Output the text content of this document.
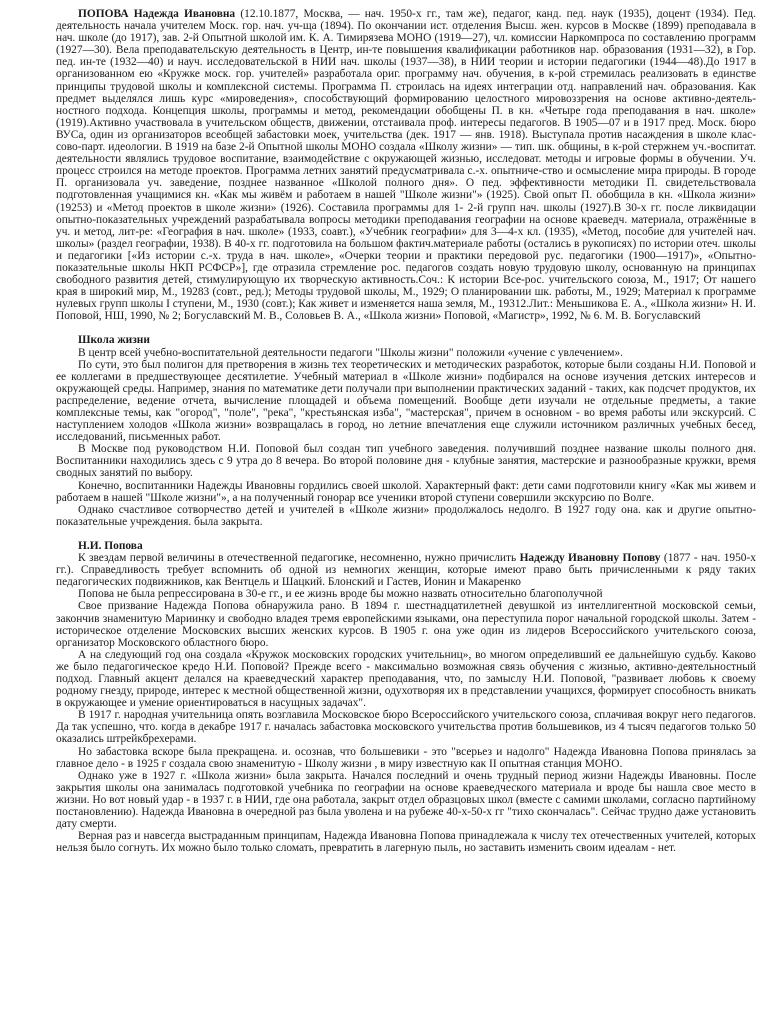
ПОПОВА Надежда Ивановна (12.10.1877, Москва, — нач. 1950-х гг., там же), педагог, канд. пед. наук (1935), доцент (1934). Пед. деятельность начала учителем Моск. гор. нач. уч-ща (1894). По окончании ист. отделения Высш. жен. курсов в Москве (1899) преподавала в нач. школе (до 1917), зав. 2-й Опытной школой им. К. А. Тимирязева МОНО (1919—27), чл. комиссии Наркомпроса по составлению программ (1927—30). Вела преподавательскую деятельность в Центр, ин-те повышения квалификации работников нар. образования (1931—32), в Гор. пед. ин-те (1932—40) и науч. исследовательской в НИИ нач. школы (1937—38), в НИИ теории и истории педагогики (1944—48).До 1917 в организованном ею «Кружке моск. гор. учителей» разработала ориг. программу нач. обучения, в к-рой стремилась реализовать в единстве принципы трудовой школы и комплексной системы. Программа П. строилась на идеях интеграции отд. направлений нач. образования. Как предмет выделялся лишь курс «мироведения», способствующий формированию целостного мировоззрения на основе активно-деятель-ностного подхода. Концепция школы, программы и метод, рекомендации обобщены П. в кн. «Четыре года преподавания в нач. школе» (1919).Активно участвовала в учительском обществ, движении, отстаивала проф. интересы педагогов. В 1905—07 и в 1917 пред. Моск. бюро ВУСа, один из организаторов всеобщей забастовки моек, учительства (дек. 1917 — янв. 1918). Выступала против насаждения в школе клас-сово-парт. идеологии. В 1919 на базе 2-й Опытной школы МОНО создала «Школу жизни» — тип. шк. общины, в к-рой стержнем уч.-воспитат. деятельности являлись трудовое воспитание, взаимодействие с окружающей жизнью, исследоват. методы и игровые формы в обучении. Уч. процесс строился на методе проектов. Программа летних занятий предусматривала с.-х. опытниче-ство и осмысление мира природы. В городе П. организовала уч. заведение, позднее названное «Школой полного дня». О пед. эффективности методики П. свидетельствовала подготовленная учащимися кн. «Как мы живём и работаем в нашей "Школе жизни"» (1925). Свой опыт П. обобщила в кн. «Школа жизни» (19253) и «Метод проектов в школе жизни» (1926). Составила программы для 1- 2-й групп нач. школы (1927).В 30-х гг. после ликвидации опытно-показательных учреждений разрабатывала вопросы методики преподавания географии на основе краеведч. материала, отражённые в уч. и метод, лит-ре: «География в нач. школе» (1933, соавт.), «Учебник географии» для 3—4-х кл. (1935), «Метод, пособие для учителей нач. школы» (раздел географии, 1938). В 40-х гг. подготовила на большом фактич.материале работы (остались в рукописях) по истории отеч. школы и педагогики [«Из истории с.-х. труда в нач. школе», «Очерки теории и практики передовой рус. педагогики (1900—1917)», «Опытно-показательные школы НКП РСФСР»], где отразила стремление рос. педагогов создать новую трудовую школу, основанную на принципах свободного развития детей, стимулирующую их творческую активность.Соч.: К истории Все-рос. учительского союза, М., 1917; От нашего края в широкий мир, М., 19283 (совт., ред.); Методы трудовой школы, М., 1929; О планировании шк. работы, М., 1929; Материал к программе нулевых групп школы I ступени, М., 1930 (совт.); Как живет и изменяется наша земля, М., 19312.Лит.: Меньшикова Е. А., «Школа жизни» Н. И. Поповой, НШ, 1990, № 2; Богуславский М. В., Соловьев В. А., «Школа жизни» Поповой, «Магистр», 1992, № 6. М. В. Богуславский

Школа жизни

В центр всей учебно-воспитательной деятельности педагоги "Школы жизни" положили «учение с увлечением».

По сути, это был полигон для претворения в жизнь тех теоретических и методических разработок, которые были созданы Н.И. Поповой и ее коллегами в предшествующее десятилетие. Учебный материал в «Школе жизни» подбирался на основе изучения детских интересов и окружающей среды. Например, знания по математике дети получали при выполнении практических заданий - таких, как подсчет продуктов, их распределение, ведение отчета, вычисление площадей и объема помещений. Вообще дети изучали не отдельные предметы, а такие комплексные темы, как "огород", "поле", "река", "крестьянская изба", "мастерская", причем в основном - во время работы или экскурсий. С наступлением холодов «Школа жизни» возвращалась в город, но летние впечатления еще служили источником различных учебных бесед, исследований, письменных работ.

В Москве под руководством Н.И. Поповой был создан тип учебного заведения. получивший позднее название школы полного дня. Воспитанники находились здесь с 9 утра до 8 вечера. Во второй половине дня - клубные занятия, мастерские и разнообразные кружки, время сводных занятий по выбору.

Конечно, воспитанники Надежды Ивановны гордились своей школой. Характерный факт: дети сами подготовили книгу «Как мы живем и работаем в нашей "Школе жизни"», а на полученный гонорар все ученики второй ступени совершили экскурсию по Волге.

Однако счастливое сотворчество детей и учителей в «Школе жизни» продолжалось недолго. В 1927 году она. как и другие опытно-показательные учреждения. была закрыта.

Н.И. Попова

К звездам первой величины в отечественной педагогике, несомненно, нужно причислить Надежду Ивановну Попову (1877 - нач. 1950-х гг.). Справедливость требует вспомнить об одной из немногих женщин, которые имеют право быть причисленными к ряду таких педагогических подвижников, как Вентцель и Шацкий. Блонский и Гастев, Ионин и Макаренко

Попова не была репрессирована в 30-е гг., и ее жизнь вроде бы можно назвать относительно благополучной

Свое призвание Надежда Попова обнаружила рано. В 1894 г. шестнадцатилетней девушкой из интеллигентной московской семьи, закончив знаменитую Мариинку и свободно владея тремя европейскими языками, она переступила порог начальной городской школы. Затем - историческое отделение Московских высших женских курсов. В 1905 г. она уже один из лидеров Всероссийского учительского союза, организатор Московского областного бюро.

А на следующий год она создала «Кружок московских городских учительниц», во многом определивший ее дальнейшую судьбу. Каково же было педагогическое кредо Н.И. Поповой? Прежде всего - максимально возможная связь обучения с жизнью, активно-деятельностный подход. Главный акцент делался на краеведческий характер преподавания, что, по замыслу Н.И. Поповой, "развивает любовь к своему родному гнезду, природе, интерес к местной общественной жизни, одухотворяя их в представлении учащихся, формирует способность вникать в окружающее и умение ориентироваться в насущных задачах".

В 1917 г. народная учительница опять возглавила Московское бюро Всероссийского учительского союза, сплачивая вокруг него педагогов. Да так успешно, что. когда в декабре 1917 г. началась забастовка московского учительства против большевиков, из 4 тысяч педагогов только 50 оказались штрейкбрехерами.

Но забастовка вскоре была прекращена. и. осознав, что большевики - это "всерьез и надолго" Надежда Ивановна Попова принялась за главное дело - в 1925 г создала свою знаменитую - Школу жизни , в миру известную как II опытная станция МОНО.

Однако уже в 1927 г. «Школа жизни» была закрыта. Начался последний и очень трудный период жизни Надежды Ивановны. После закрытия школы она занималась подготовкой учебника по географии на основе краеведческого материала и вроде бы нашла свое место в жизни. Но вот новый удар - в 1937 г. в НИИ, где она работала, закрыт отдел образцовых школ (вместе с самими школами, согласно партийному постановлению). Надежда Ивановна в очередной раз была уволена и на рубеже 40-х-50-х гг "тихо скончалась". Сейчас трудно даже установить дату смерти.

Верная раз и навсегда выстраданным принципам, Надежда Ивановна Попова принадлежала к числу тех отечественных учителей, которых нельзя было согнуть. Их можно было только сломать, превратить в лагерную пыль, но заставить изменить своим идеалам - нет.
